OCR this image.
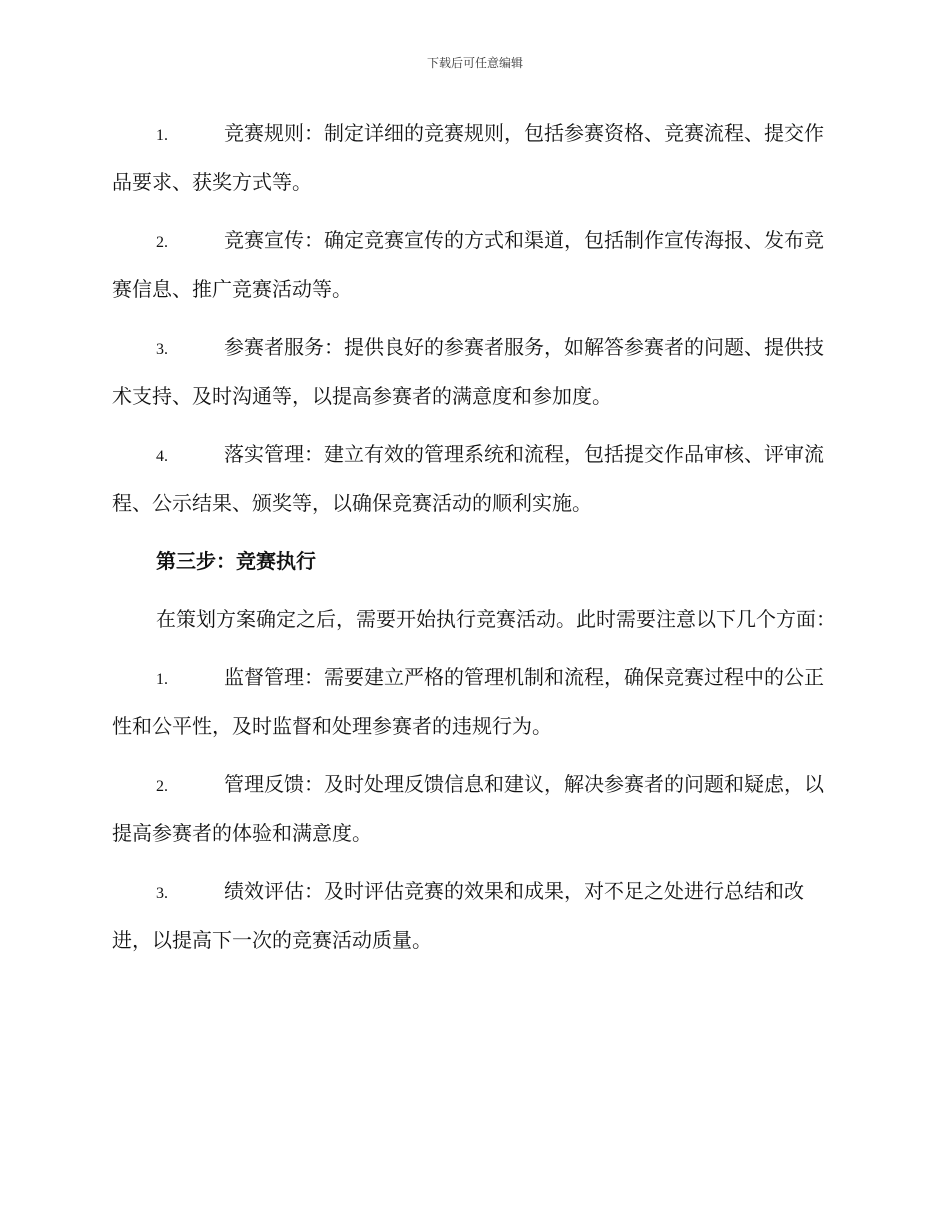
下载后可任意编辑
1.	竞赛规则：制定详细的竞赛规则，包括参赛资格、竞赛流程、提交作品要求、获奖方式等。
2.	竞赛宣传：确定竞赛宣传的方式和渠道，包括制作宣传海报、发布竞赛信息、推广竞赛活动等。
3.	参赛者服务：提供良好的参赛者服务，如解答参赛者的问题、提供技术支持、及时沟通等，以提高参赛者的满意度和参加度。
4.	落实管理：建立有效的管理系统和流程，包括提交作品审核、评审流程、公示结果、颁奖等，以确保竞赛活动的顺利实施。
第三步：竞赛执行
在策划方案确定之后，需要开始执行竞赛活动。此时需要注意以下几个方面：
1.	监督管理：需要建立严格的管理机制和流程，确保竞赛过程中的公正性和公平性，及时监督和处理参赛者的违规行为。
2.	管理反馈：及时处理反馈信息和建议，解决参赛者的问题和疑虑，以提高参赛者的体验和满意度。
3.	绩效评估：及时评估竞赛的效果和成果，对不足之处进行总结和改进，以提高下一次的竞赛活动质量。
